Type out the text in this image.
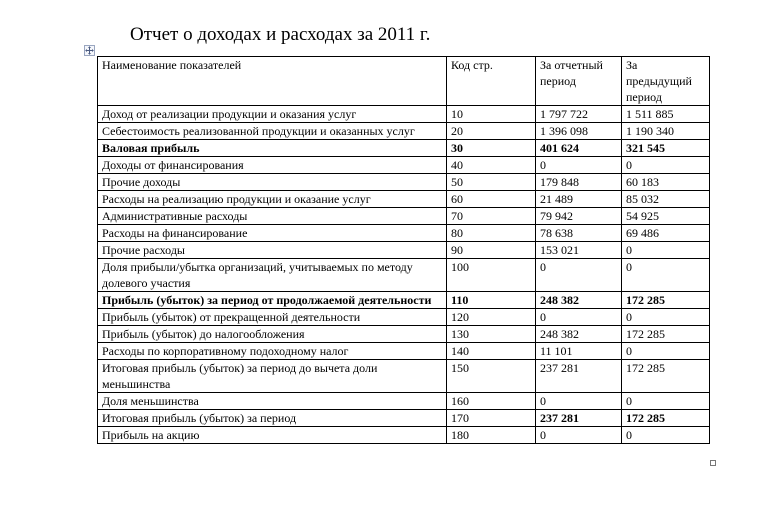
Отчет о доходах и расходах за 2011 г.
Наименование показателей	Код стр.	За отчетный период	За предыдущий период
Доход от реализации продукции и оказания услуг	10	1 797 722	1 511 885
Себестоимость реализованной продукции и оказанных услуг	20	1 396 098	1 190 340
Валовая прибыль	30	401 624	321 545
Доходы от финансирования	40	0	0
Прочие доходы	50	179 848	60 183
Расходы на реализацию продукции и оказание услуг	60	21 489	85 032
Административные расходы	70	79 942	54 925
Расходы на финансирование	80	78 638	69 486
Прочие расходы	90	153 021	0
Доля прибыли/убытка организаций, учитываемых по методу долевого участия	100	0	0
Прибыль (убыток) за период от продолжаемой деятельности	110	248 382	172 285
Прибыль (убыток) от прекращенной деятельности	120	0	0
Прибыль (убыток) до налогообложения	130	248 382	172 285
Расходы по корпоративному подоходному налог	140	11 101	0
Итоговая прибыль (убыток) за период до вычета доли меньшинства	150	237 281	172 285
Доля меньшинства	160	0	0
Итоговая прибыль (убыток) за период	170	237 281	172 285
Прибыль на акцию	180	0	0
